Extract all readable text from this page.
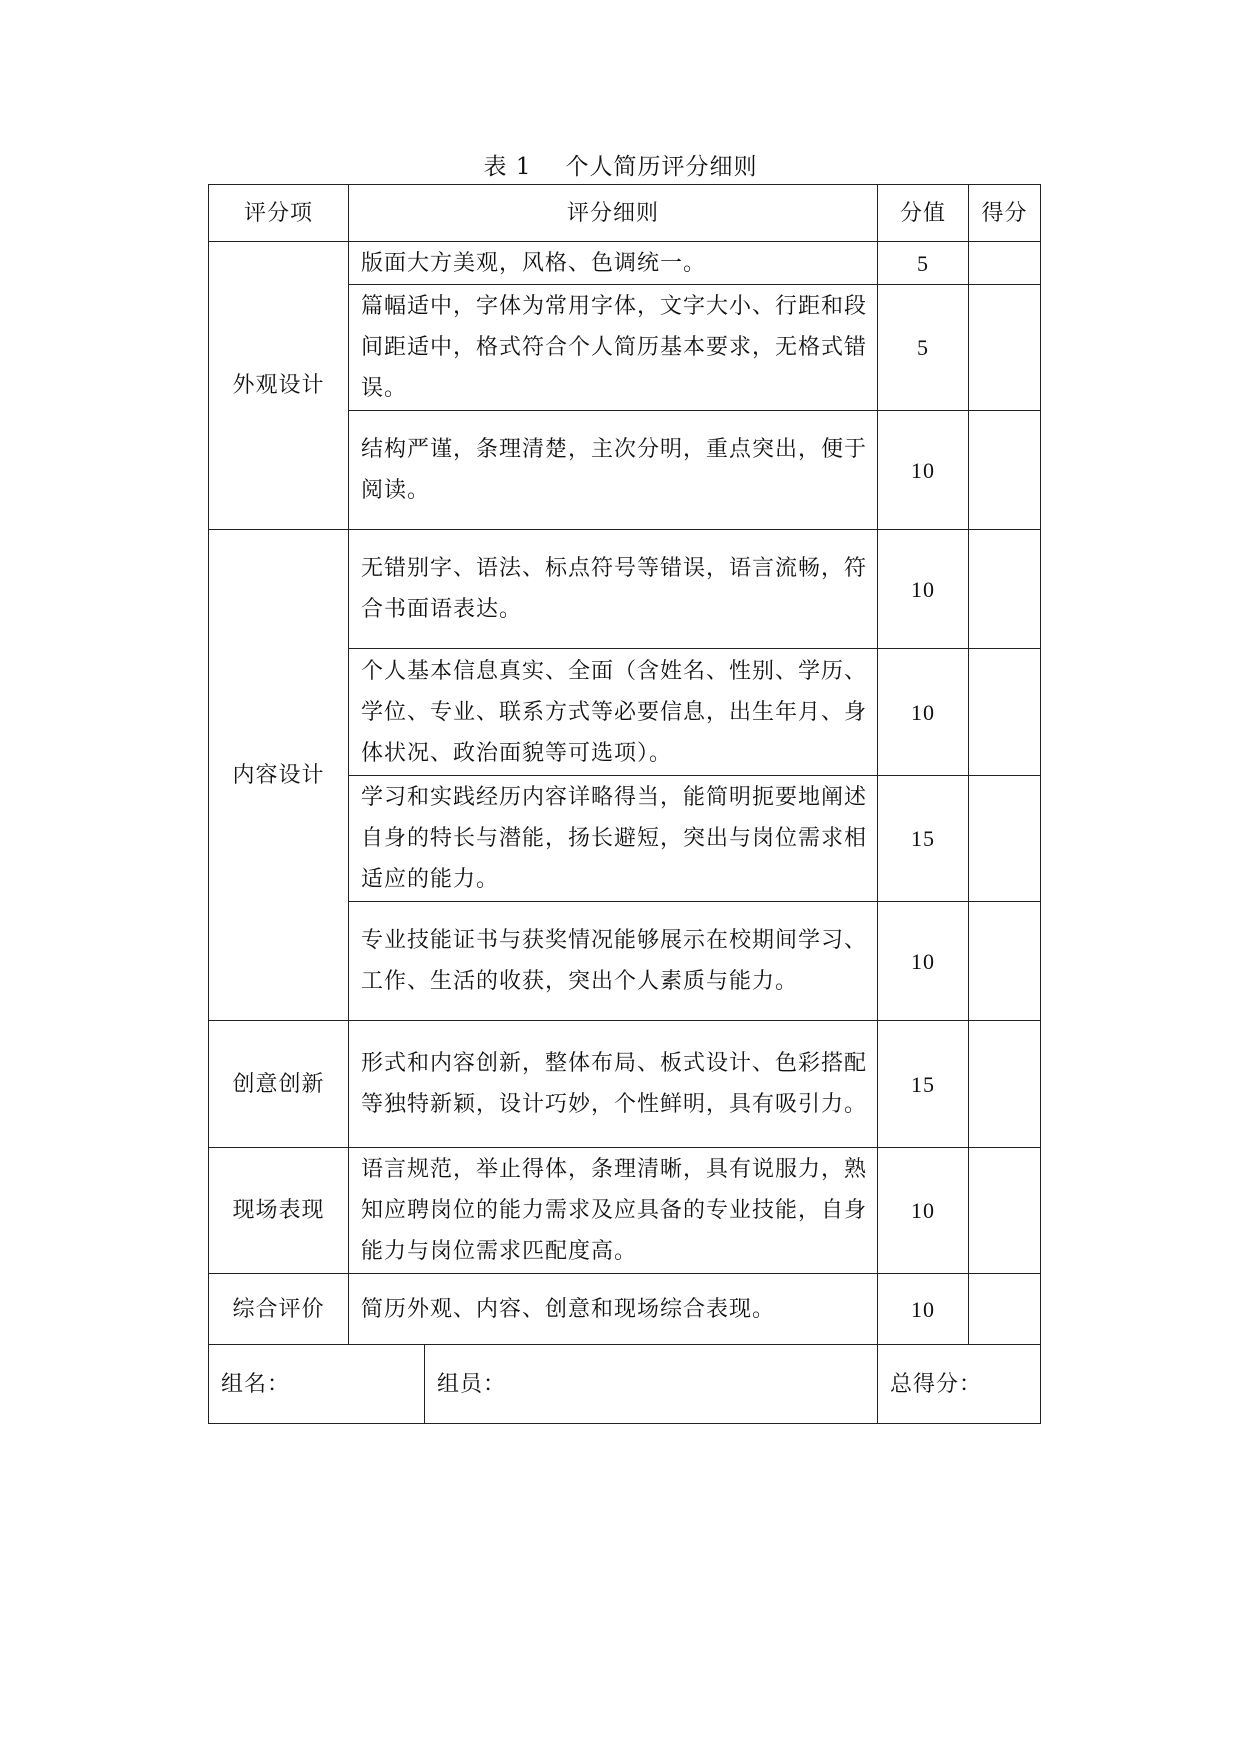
表 1 个人简历评分细则
评分项	评分细则		分值	得分
外观设计	版面大方美观，风格、色调统一。		5	
	篇幅适中，字体为常用字体，文字大小、行距和段间距适中，格式符合个人简历基本要求，无格式错误。		5	
	结构严谨，条理清楚，主次分明，重点突出，便于阅读。		10	
内容设计	无错别字、语法、标点符号等错误，语言流畅，符合书面语表达。		10	
	个人基本信息真实、全面（含姓名、性别、学历、学位、专业、联系方式等必要信息，出生年月、身体状况、政治面貌等可选项）。		10	
	学习和实践经历内容详略得当，能简明扼要地阐述自身的特长与潜能，扬长避短，突出与岗位需求相适应的能力。		15	
	专业技能证书与获奖情况能够展示在校期间学习、工作、生活的收获，突出个人素质与能力。		10	
创意创新	形式和内容创新，整体布局、板式设计、色彩搭配等独特新颖，设计巧妙，个性鲜明，具有吸引力。		15	
现场表现	语言规范，举止得体，条理清晰，具有说服力，熟知应聘岗位的能力需求及应具备的专业技能，自身能力与岗位需求匹配度高。		10	
综合评价	简历外观、内容、创意和现场综合表现。		10	
组名：		组员：	总得分：	
